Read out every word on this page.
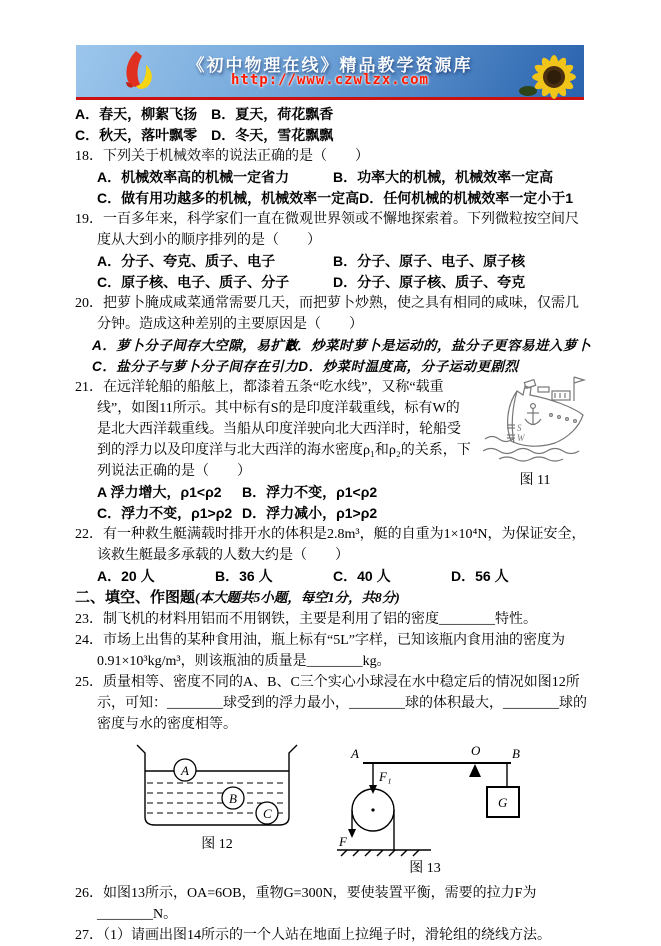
《初中物理在线》精品教学资源库
http://www.czwlzx.com

A．春天，柳絮飞扬　B．夏天，荷花飘香

C．秋天，落叶飘零　D．冬天，雪花飘飘

18．下列关于机械效率的说法正确的是（　　）

A．机械效率高的机械一定省力	B．功率大的机械，机械效率一定高
C．做有用功越多的机械，机械效率一定高 D．任何机械的机械效率一定小于1

19．一百多年来，科学家们一直在微观世界领或不懈地探索着。下列微粒按空间尺度从大到小的顺序排列的是（　　）

A．分子、夸克、质子、电子	B．分子、原子、电子、原子核
C．原子核、电子、质子、分子	D．分子、原子核、质子、夸克

20．把萝卜腌成咸菜通常需要几天，而把萝卜炒熟，使之具有相同的咸味，仅需几分钟。造成这种差别的主要原因是（　　）

A．萝卜分子间存大空隙，易扩散
B．炒菜时萝卜是运动的，盐分子更容易进入萝卜
C．盐分子与萝卜分子间存在引力 D．炒菜时温度高，分子运动更剧烈
S
W

图 11

21．在远洋轮船的船舷上，都漆着五条“吃水线”，又称“载重线”，如图11所示。其中标有S的是印度洋载重线，标有W的是北大西洋载重线。当船从印度洋驶向北大西洋时，轮船受到的浮力以及印度洋与北大西洋的海水密度ρ₁和ρ₂的关系，下列说法正确的是（　　）

A 浮力增大，ρ1<ρ2	B．浮力不变，ρ1<ρ2
C．浮力不变，ρ1>ρ2 D．浮力减小，ρ1>ρ2

22．有一种救生艇满载时排开水的体积是2.8m³，艇的自重为1×10⁴N，为保证安全，该救生艇最多承载的人数大约是（　　）

A．20 人	B．36 人	C．40 人	D．56 人

二、填空、作图题(本大题共5小题，每空1分，共8分)

23．制飞机的材料用铝而不用钢铁，主要是利用了铝的密度________特性。

24．市场上出售的某种食用油，瓶上标有“5L”字样，已知该瓶内食用油的密度为0.91×10³kg/m³，则该瓶油的质量是________kg。

25．质量相等、密度不同的A、B、C三个实心小球浸在水中稳定后的情况如图12所示，可知：________球受到的浮力最小，________球的体积最大，________球的密度与水的密度相等。

A
B
C

图 12

A	O B
G
F₁
F

图 13

26．如图13所示，OA=6OB，重物G=300N，要使装置平衡，需要的拉力F为________N。

27．（1）请画出图14所示的一个人站在地面上拉绳子时，滑轮组的绕线方法。
